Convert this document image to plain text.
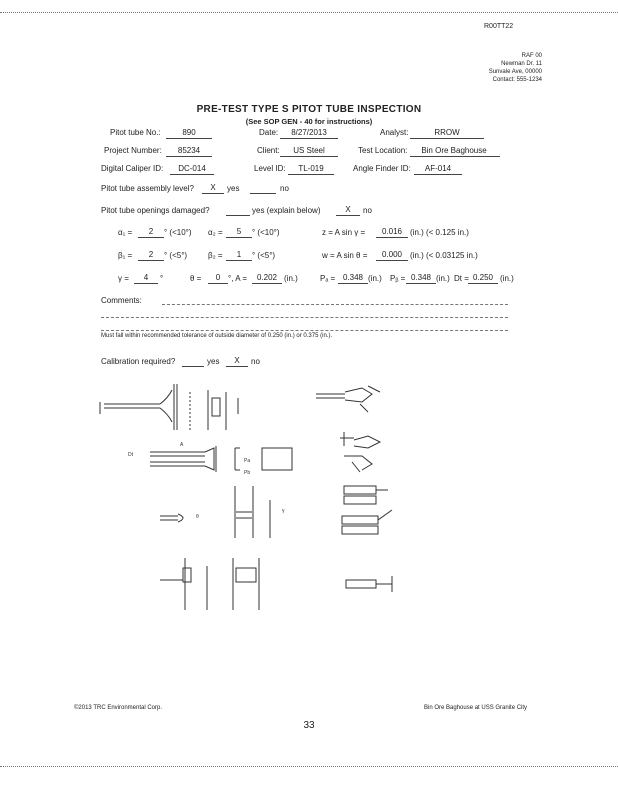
R00TT22
RAF 00
Newman Dr. 11
Sunvale Ave, 00000
Contact: 555-1234
PRE-TEST TYPE S PITOT TUBE INSPECTION
(See SOP GEN - 40 for instructions)
Pitot tube No.:	890	Date:	8/27/2013	Analyst:	RROW
Project Number:	85234	Client:	US Steel	Test Location:	Bin Ore Baghouse
Digital Caliper ID:	DC-014	Level ID:	TL-019	Angle Finder ID:	AF-014
Pitot tube assembly level?	X	yes	no
Pitot tube openings damaged?	yes (explain below)	X	no
α₁ =	2	° (<10°) α₂ =	5	° (<10°)	z = A sin γ =	0.016 (in.) (< 0.125 in.)
β₁ =	2	° (<5°)	β₂ =	1	° (<5°)	w = A sin θ =	0.000 (in.) (< 0.03125 in.)
γ =	4	°	θ =	0 °, A =	0.202 (in.)	Pₐ = 0.348 (in.) Pᵦ = 0.348 (in.) Dt = 0.250 (in.)
Comments:
Must fall within recommended tolerance of outside diameter of 0.250 (in.) or 0.375 (in.).
Calibration required?	yes	X	no
A
Pa
Pb
Dt
θ
γ
©2013 TRC Environmental Corp.	Bin Ore Baghouse at USS Granite City
33
